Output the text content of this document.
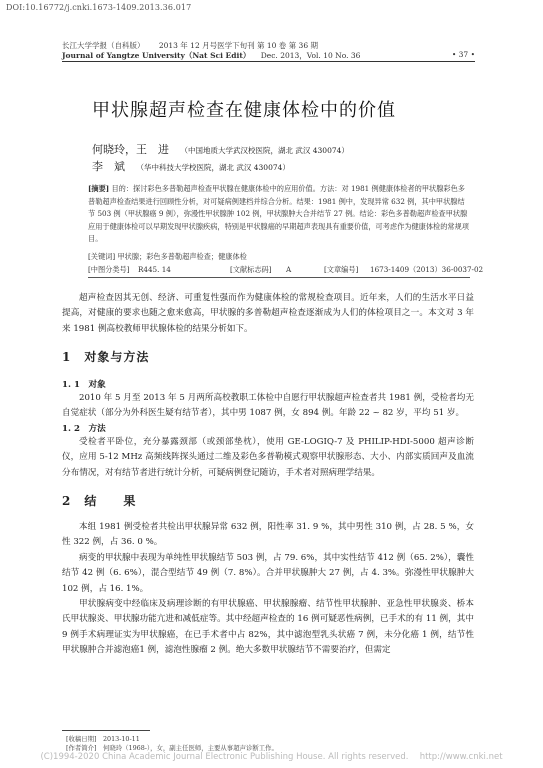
DOI:10.16772/j.cnki.1673-1409.2013.36.017
长江大学学报（自科版） 2013 年 12 月号医学下旬刊 第 10 卷 第 36 期
Journal of Yangtze University（Nat Sci Edit） Dec. 2013，Vol. 10 No. 36	• 37 •
甲状腺超声检查在健康体检中的价值
何晓玲，王　进 （中国地质大学武汉校医院，湖北 武汉 430074）
李　斌 （华中科技大学校医院，湖北 武汉 430074）
[摘要] 目的：探讨彩色多普勒超声检查甲状腺在健康体检中的应用价值。方法：对 1981 例健康体检者的甲状腺彩色多普勒超声检查结果进行回顾性分析，对可疑病例建档并综合分析。结果：1981 例中，发现异常 632 例，其中甲状腺结节 503 例（甲状腺癌 9 例），弥漫性甲状腺肿 102 例，甲状腺肿大合并结节 27 例。结论：彩色多普勒超声检查甲状腺应用于健康体检可以早期发现甲状腺疾病，特别是甲状腺癌的早期超声表现具有重要价值，可考虑作为健康体检的常规项目。
[关键词] 甲状腺；彩色多普勒超声检查；健康体检
[中图分类号] R445. 14	[文献标志码] A	[文章编号] 1673-1409（2013）36-0037-02

超声检查因其无创、经济、可重复性强而作为健康体检的常规检查项目。近年来，人们的生活水平日益提高，对健康的要求也随之愈来愈高，甲状腺的多普勒超声检查逐渐成为人们的体检项目之一。本文对 3 年来 1981 例高校教师甲状腺体检的结果分析如下。

1　对象与方法
1. 1　对象

2010 年 5 月至 2013 年 5 月两所高校教职工体检中自愿行甲状腺超声检查者共 1981 例，受检者均无自觉症状（部分为外科医生疑有结节者），其中男 1087 例，女 894 例。年龄 22 ~ 82 岁，平均 51 岁。

1. 2　方法

受检者平卧位，充分暴露颈部（或颈部垫枕），使用 GE-LOGIQ-7 及 PHILIP-HDI-5000 超声诊断仪，应用 5-12 MHz 高频线阵探头通过二维及彩色多普勒模式观察甲状腺形态、大小、内部实质回声及血流分布情况，对有结节者进行统计分析，可疑病例登记随访，手术者对照病理学结果。

2　结　　果

本组 1981 例受检者共检出甲状腺异常 632 例，阳性率 31. 9 %，其中男性 310 例，占 28. 5 %，女性 322 例，占 36. 0 %。

病变的甲状腺中表现为单纯性甲状腺结节 503 例，占 79. 6%，其中实性结节 412 例（65. 2%），囊性结节 42 例（6. 6%），混合型结节 49 例（7. 8%）。合并甲状腺肿大 27 例，占 4. 3%。弥漫性甲状腺肿大102 例，占 16. 1%。

甲状腺病变中经临床及病理诊断的有甲状腺癌、甲状腺腺瘤、结节性甲状腺肿、亚急性甲状腺炎、桥本氏甲状腺炎、甲状腺功能亢进和减低症等。其中经超声检查的 16 例可疑恶性病例，已手术的有 11 例，其中 9 例手术病理证实为甲状腺癌，在已手术者中占 82%，其中滤泡型乳头状癌 7 例，未分化癌 1 例，结节性甲状腺肿合并滤泡癌1 例，滤泡性腺瘤 2 例。绝大多数甲状腺结节不需要治疗，但需定

[收稿日期]　2013-10-11
[作者简介]　何晓玲（1968-），女，副主任医师，主要从事超声诊断工作。
(C)1994-2020 China Academic Journal Electronic Publishing House. All rights reserved.　 http://www.cnki.net
